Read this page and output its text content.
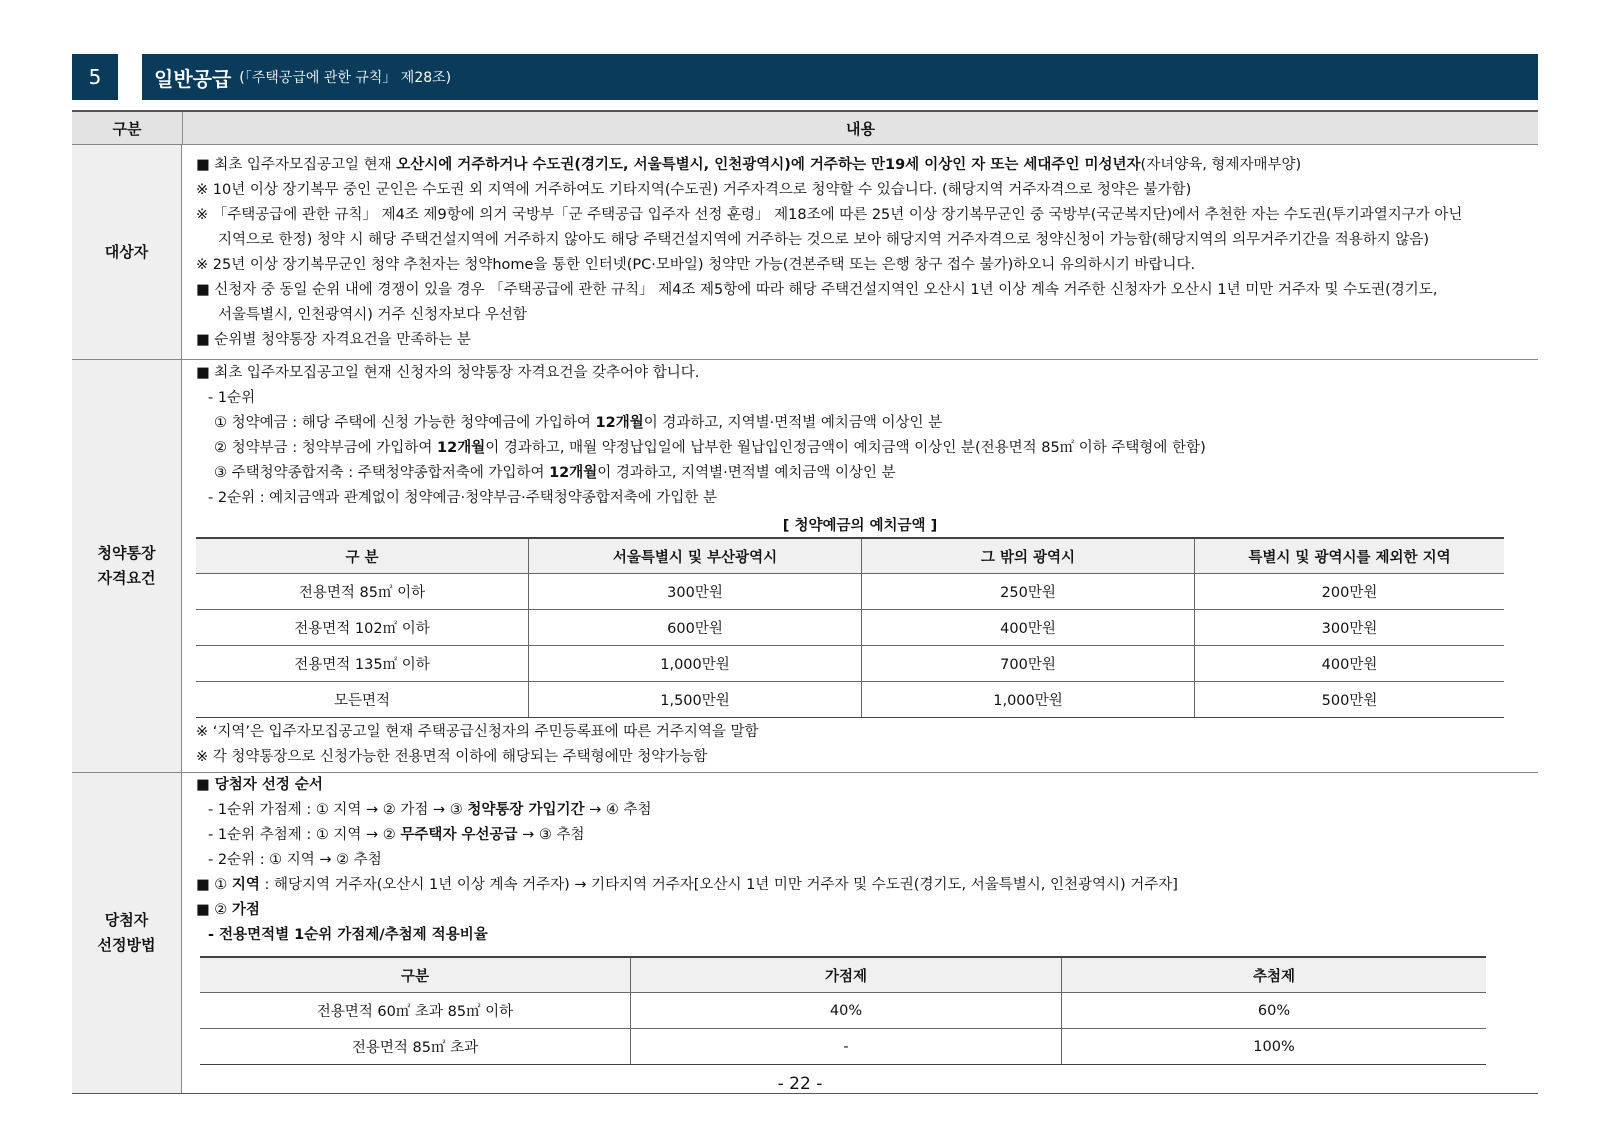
5	일반공급 (「주택공급에 관한 규칙」 제28조)
구분	내용
대상자
■ 최초 입주자모집공고일 현재 오산시에 거주하거나 수도권(경기도, 서울특별시, 인천광역시)에 거주하는 만19세 이상인 자 또는 세대주인 미성년자(자녀양육, 형제자매부양)
※ 10년 이상 장기복무 중인 군인은 수도권 외 지역에 거주하여도 기타지역(수도권) 거주자격으로 청약할 수 있습니다. (해당지역 거주자격으로 청약은 불가함)
※ 「주택공급에 관한 규칙」 제4조 제9항에 의거 국방부「군 주택공급 입주자 선정 훈령」 제18조에 따른 25년 이상 장기복무군인 중 국방부(국군복지단)에서 추천한 자는 수도권(투기과열지구가 아닌
지역으로 한정) 청약 시 해당 주택건설지역에 거주하지 않아도 해당 주택건설지역에 거주하는 것으로 보아 해당지역 거주자격으로 청약신청이 가능함(해당지역의 의무거주기간을 적용하지 않음)
※ 25년 이상 장기복무군인 청약 추천자는 청약home을 통한 인터넷(PC·모바일) 청약만 가능(견본주택 또는 은행 창구 접수 불가)하오니 유의하시기 바랍니다.
■ 신청자 중 동일 순위 내에 경쟁이 있을 경우 「주택공급에 관한 규칙」 제4조 제5항에 따라 해당 주택건설지역인 오산시 1년 이상 계속 거주한 신청자가 오산시 1년 미만 거주자 및 수도권(경기도,
서울특별시, 인천광역시) 거주 신청자보다 우선함
■ 순위별 청약통장 자격요건을 만족하는 분
청약통장
자격요건
■ 최초 입주자모집공고일 현재 신청자의 청약통장 자격요건을 갖추어야 합니다.
- 1순위
① 청약예금 : 해당 주택에 신청 가능한 청약예금에 가입하여 12개월이 경과하고, 지역별·면적별 예치금액 이상인 분
② 청약부금 : 청약부금에 가입하여 12개월이 경과하고, 매월 약정납입일에 납부한 월납입인정금액이 예치금액 이상인 분(전용면적 85㎡ 이하 주택형에 한함)
③ 주택청약종합저축 : 주택청약종합저축에 가입하여 12개월이 경과하고, 지역별·면적별 예치금액 이상인 분
- 2순위 : 예치금액과 관계없이 청약예금·청약부금·주택청약종합저축에 가입한 분
[ 청약예금의 예치금액 ]
구 분	서울특별시 및 부산광역시	그 밖의 광역시	특별시 및 광역시를 제외한 지역
전용면적 85㎡ 이하	300만원	250만원	200만원
전용면적 102㎡ 이하	600만원	400만원	300만원
전용면적 135㎡ 이하	1,000만원	700만원	400만원
모든면적	1,500만원	1,000만원	500만원
※ ‘지역’은 입주자모집공고일 현재 주택공급신청자의 주민등록표에 따른 거주지역을 말함
※ 각 청약통장으로 신청가능한 전용면적 이하에 해당되는 주택형에만 청약가능함
당첨자
선정방법
■ 당첨자 선정 순서
- 1순위 가점제 : ① 지역 → ② 가점 → ③ 청약통장 가입기간 → ④ 추첨
- 1순위 추첨제 : ① 지역 → ② 무주택자 우선공급 → ③ 추첨
- 2순위 : ① 지역 → ② 추첨
■ ① 지역 : 해당지역 거주자(오산시 1년 이상 계속 거주자) → 기타지역 거주자[오산시 1년 미만 거주자 및 수도권(경기도, 서울특별시, 인천광역시) 거주자]
■ ② 가점
- 전용면적별 1순위 가점제/추첨제 적용비율
구분	가점제	추첨제
전용면적 60㎡ 초과 85㎡ 이하	40%	60%
전용면적 85㎡ 초과	-	100%
- 22 -
